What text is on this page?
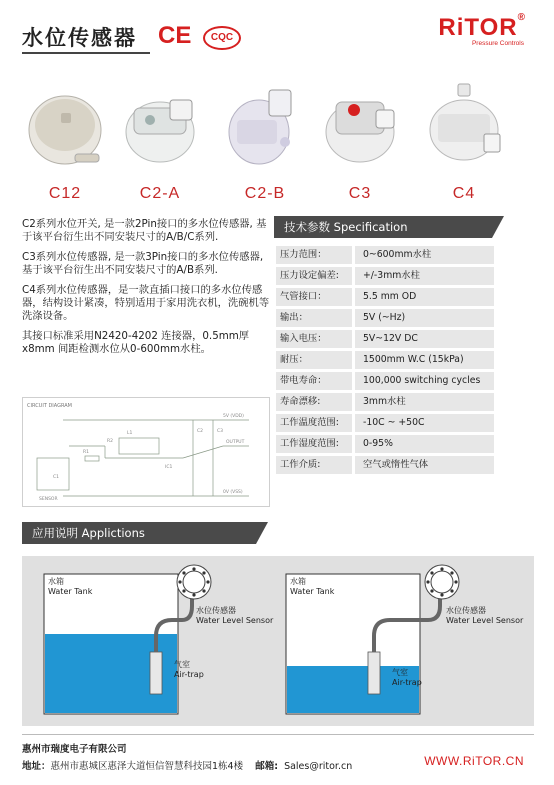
水位传感器 CE	CQC	RiTOR®
Pressure Controls
C12	C2-A	C2-B	C3	C4

C2系列水位开关, 是一款2Pin接口的多水位传感器, 基于该平台衍生出不同安装尺寸的A/B/C系列.

C3系列水位传感器, 是一款3Pin接口的多水位传感器, 基于该平台衍生出不同安装尺寸的A/B系列.

C4系列水位传感器，是一款直插口接口的多水位传感器，结构设计紧凑，特别适用于家用洗衣机，洗碗机等洗涤设备。

其接口标准采用N2420-4202 连接器，0.5mm厚x8mm 间距检测水位从0-600mm水柱。

CIRCUIT DIAGRAM
5V (VDD)
OUTPUT
0V (VSS)
SENSOR
R1
R2
C1
C2	C3
L1
IC1
技术参数 Specification
压力范围：	0~600mm水柱
压力设定偏差:	+/-3mm水柱
气管接口：	5.5 mm OD
输出：	5V (~Hz)
输入电压：	5V~12V DC
耐压：	1500mm W.C (15kPa)
带电寿命：	100,000 switching cycles
寿命漂移:	3mm水柱
工作温度范围:	-10C ~ +50C
工作湿度范围:	0-95%
工作介质:	空气或惰性气体
应用说明 Applictions
水箱
Water Tank
水位传感器
Water Level Sensor
气室
Air-trap
水箱
Water Tank
水位传感器
Water Level Sensor
气室
Air-trap
惠州市瑞度电子有限公司
地址：惠州市惠城区惠泽大道恒信智慧科技园1栋4楼 邮箱: Sales@ritor.cn	WWW.RiTOR.CN
